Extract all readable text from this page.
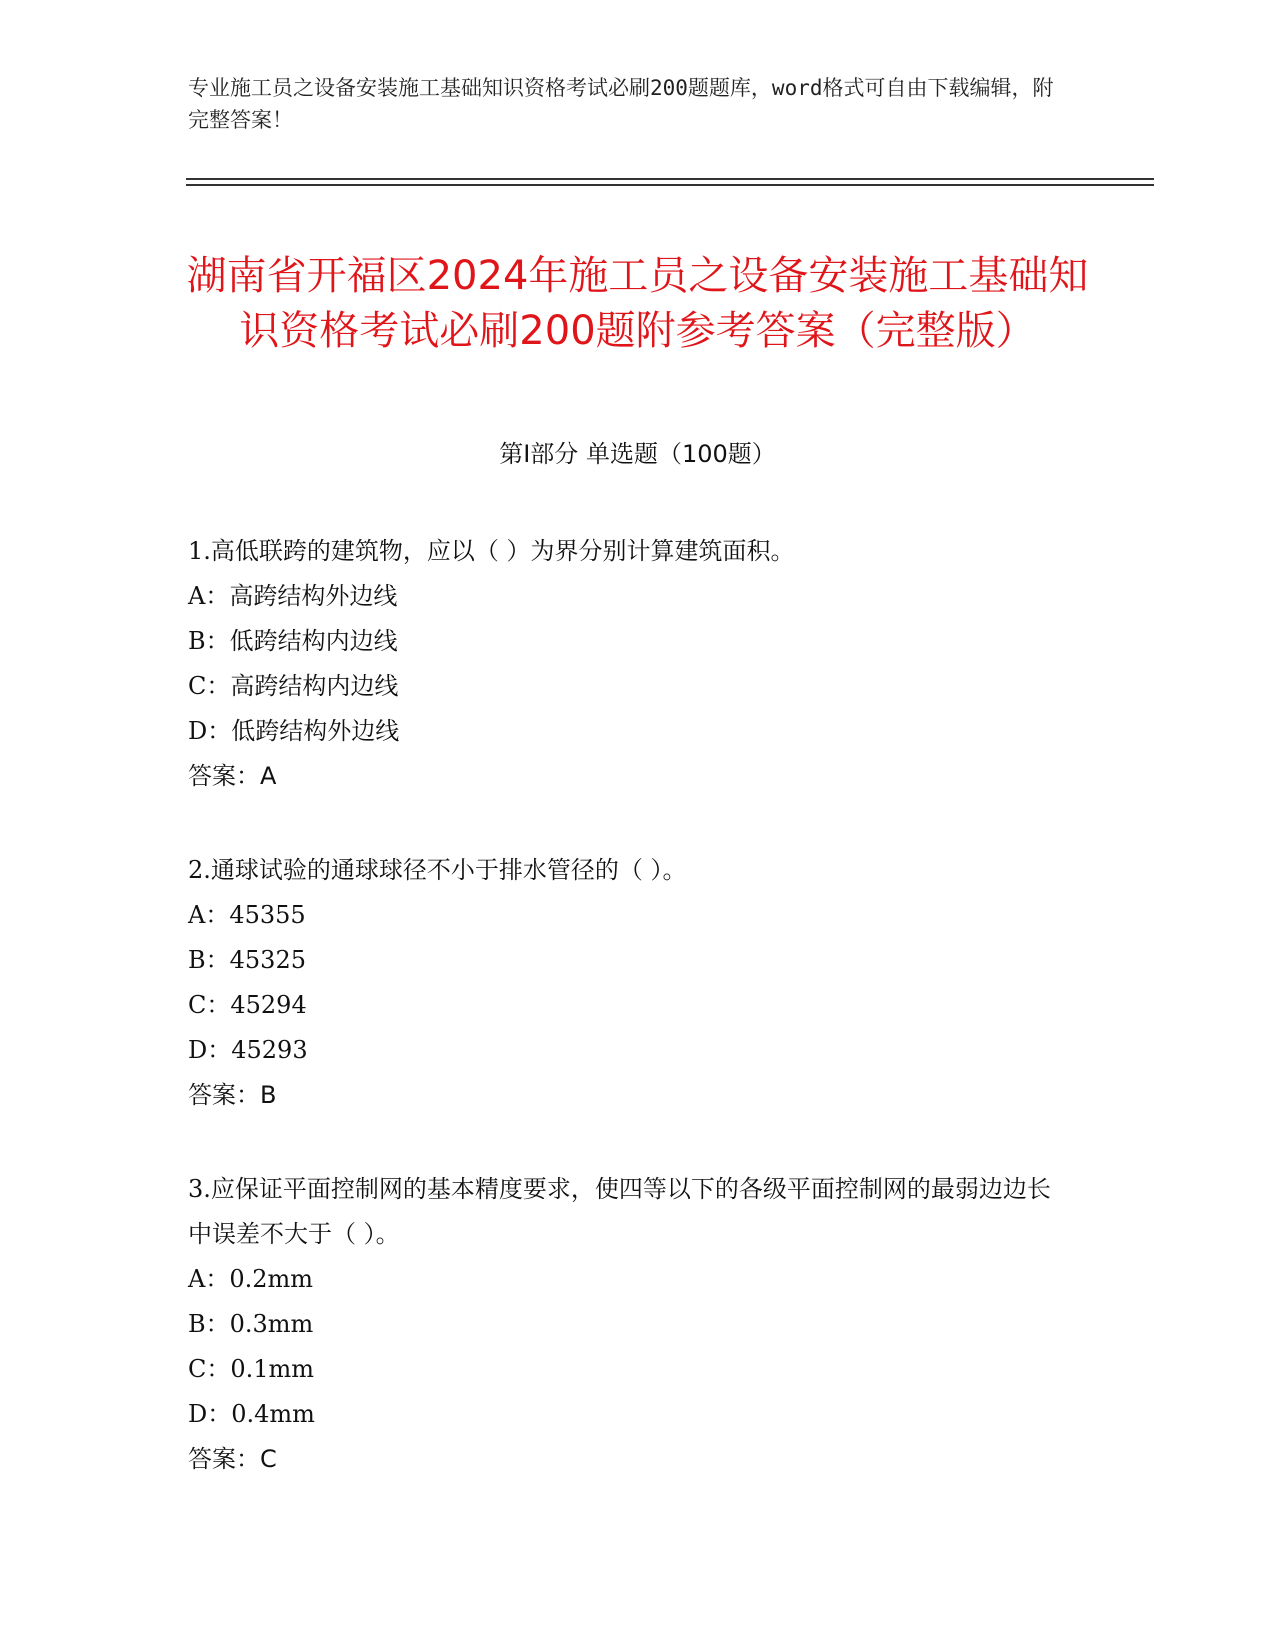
专业施工员之设备安装施工基础知识资格考试必刷200题题库，word格式可自由下载编辑，附完整答案！
湖南省开福区2024年施工员之设备安装施工基础知识资格考试必刷200题附参考答案（完整版）
第Ⅰ部分 单选题（100题）
1.高低联跨的建筑物，应以（ ）为界分别计算建筑面积。
A：高跨结构外边线
B：低跨结构内边线
C：高跨结构内边线
D：低跨结构外边线
答案：A
2.通球试验的通球球径不小于排水管径的（ ）。
A：45355
B：45325
C：45294
D：45293
答案：B
3.应保证平面控制网的基本精度要求，使四等以下的各级平面控制网的最弱边边长中误差不大于（ ）。
A：0.2mm
B：0.3mm
C：0.1mm
D：0.4mm
答案：C
